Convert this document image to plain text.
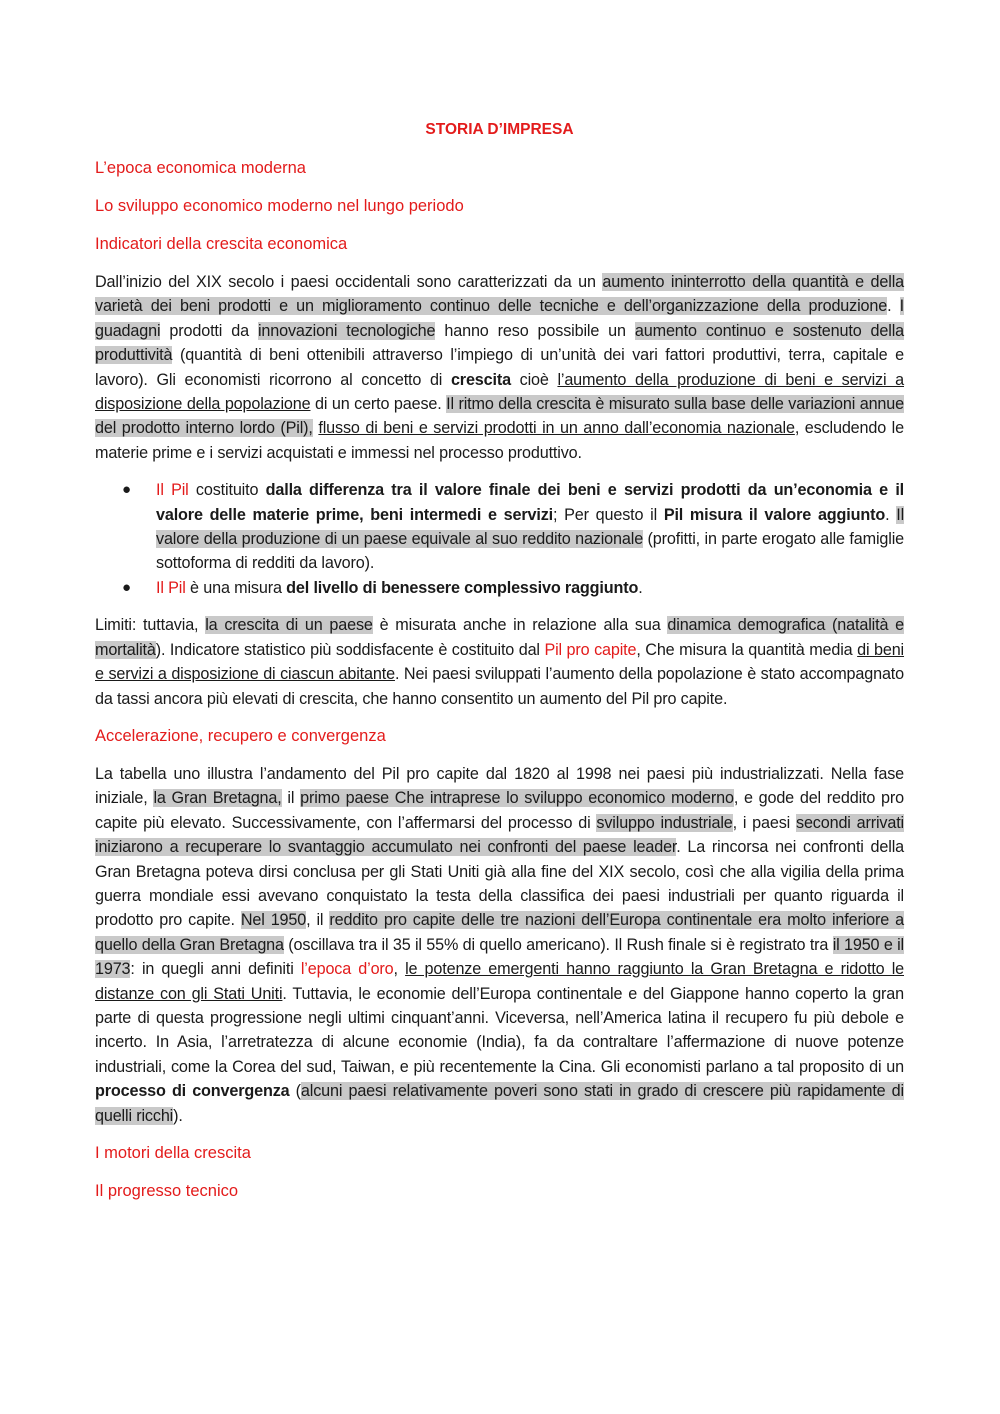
STORIA D’IMPRESA
L’epoca economica moderna
Lo sviluppo economico moderno nel lungo periodo
Indicatori della crescita economica

Dall’inizio del XIX secolo i paesi occidentali sono caratterizzati da un aumento ininterrotto della quantità e della varietà dei beni prodotti e un miglioramento continuo delle tecniche e dell’organizzazione della produzione. I guadagni prodotti da innovazioni tecnologiche hanno reso possibile un aumento continuo e sostenuto della produttività (quantità di beni ottenibili attraverso l’impiego di un’unità dei vari fattori produttivi, terra, capitale e lavoro). Gli economisti ricorrono al concetto di crescita cioè l’aumento della produzione di beni e servizi a disposizione della popolazione di un certo paese. Il ritmo della crescita è misurato sulla base delle variazioni annue del prodotto interno lordo (Pil), flusso di beni e servizi prodotti in un anno dall’economia nazionale, escludendo le materie prime e i servizi acquistati e immessi nel processo produttivo.

● Il Pil costituito dalla differenza tra il valore finale dei beni e servizi prodotti da un’economia e il valore delle materie prime, beni intermedi e servizi; Per questo il Pil misura il valore aggiunto. Il valore della produzione di un paese equivale al suo reddito nazionale (profitti, in parte erogato alle famiglie sottoforma di redditi da lavoro).
● Il Pil è una misura del livello di benessere complessivo raggiunto.

Limiti: tuttavia, la crescita di un paese è misurata anche in relazione alla sua dinamica demografica (natalità e mortalità). Indicatore statistico più soddisfacente è costituito dal Pil pro capite, Che misura la quantità media di beni e servizi a disposizione di ciascun abitante. Nei paesi sviluppati l’aumento della popolazione è stato accompagnato da tassi ancora più elevati di crescita, che hanno consentito un aumento del Pil pro capite.

Accelerazione, recupero e convergenza

La tabella uno illustra l’andamento del Pil pro capite dal 1820 al 1998 nei paesi più industrializzati. Nella fase iniziale, la Gran Bretagna, il primo paese Che intraprese lo sviluppo economico moderno, e gode del reddito pro capite più elevato. Successivamente, con l’affermarsi del processo di sviluppo industriale, i paesi secondi arrivati iniziarono a recuperare lo svantaggio accumulato nei confronti del paese leader. La rincorsa nei confronti della Gran Bretagna poteva dirsi conclusa per gli Stati Uniti già alla fine del XIX secolo, così che alla vigilia della prima guerra mondiale essi avevano conquistato la testa della classifica dei paesi industriali per quanto riguarda il prodotto pro capite. Nel 1950, il reddito pro capite delle tre nazioni dell’Europa continentale era molto inferiore a quello della Gran Bretagna (oscillava tra il 35 il 55% di quello americano). Il Rush finale si è registrato tra il 1950 e il 1973: in quegli anni definiti l’epoca d’oro, le potenze emergenti hanno raggiunto la Gran Bretagna e ridotto le distanze con gli Stati Uniti. Tuttavia, le economie dell’Europa continentale e del Giappone hanno coperto la gran parte di questa progressione negli ultimi cinquant’anni. Viceversa, nell’America latina il recupero fu più debole e incerto. In Asia, l’arretratezza di alcune economie (India), fa da contraltare l’affermazione di nuove potenze industriali, come la Corea del sud, Taiwan, e più recentemente la Cina. Gli economisti parlano a tal proposito di un processo di convergenza (alcuni paesi relativamente poveri sono stati in grado di crescere più rapidamente di quelli ricchi).

I motori della crescita
Il progresso tecnico
